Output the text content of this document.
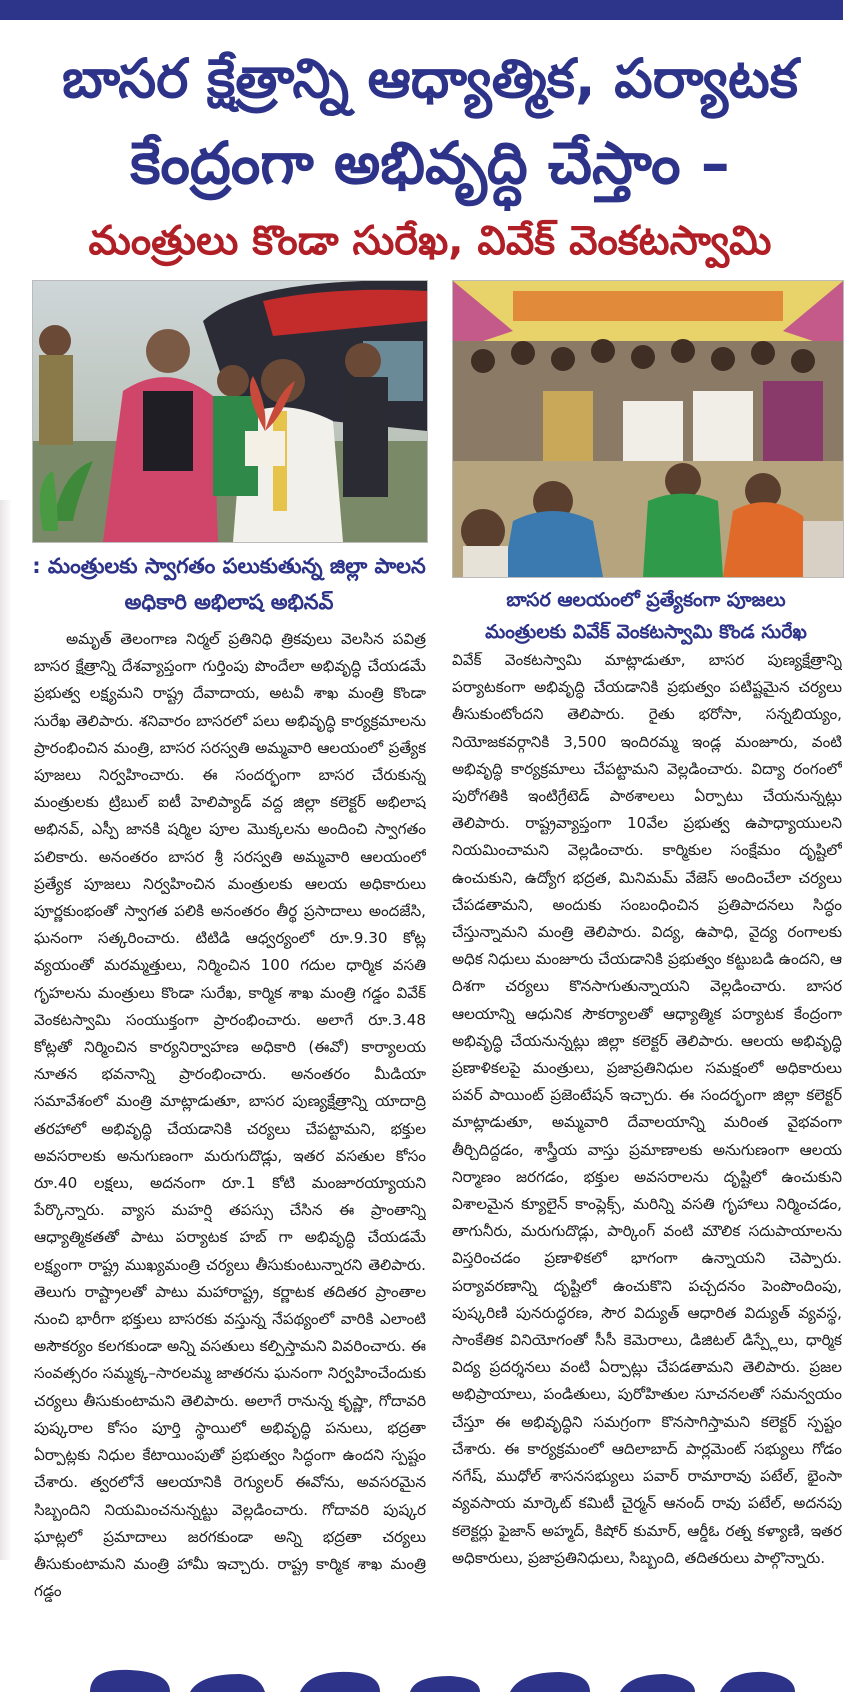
బాసర క్షేత్రాన్ని ఆధ్యాత్మిక, పర్యాటక
కేంద్రంగా అభివృద్ధి చేస్తాం –
మంత్రులు కొండా సురేఖ, వివేక్ వెంకటస్వామి

: మంత్రులకు స్వాగతం పలుకుతున్న జిల్లా పాలన అధికారి అభిలాష అభినవ్	బాసర ఆలయంలో ప్రత్యేకంగా పూజలు
మంత్రులకు వివేక్ వెంకటస్వామి కొండ సురేఖ

అమృత్ తెలంగాణ నిర్మల్ ప్రతినిధి త్రికవులు వెలసిన పవిత్ర బాసర క్షేత్రాన్ని దేశవ్యాప్తంగా గుర్తింపు పొందేలా అభివృద్ధి చేయడమే ప్రభుత్వ లక్ష్యమని రాష్ట్ర దేవాదాయ, అటవీ శాఖ మంత్రి కొండా సురేఖ తెలిపారు. శనివారం బాసరలో పలు అభివృద్ధి కార్యక్రమాలను ప్రారంభించిన మంత్రి, బాసర సరస్వతి అమ్మవారి ఆలయంలో ప్రత్యేక పూజలు నిర్వహించారు. ఈ సందర్భంగా బాసర చేరుకున్న మంత్రులకు ట్రిబుల్ ఐటీ హెలిప్యాడ్ వద్ద జిల్లా కలెక్టర్ అభిలాష అభినవ్, ఎస్పీ జానకి షర్మిల పూల మొక్కలను అందించి స్వాగతం పలికారు. అనంతరం బాసర శ్రీ సరస్వతి అమ్మవారి ఆలయంలో ప్రత్యేక పూజలు నిర్వహించిన మంత్రులకు ఆలయ అధికారులు పూర్ణకుంభంతో స్వాగత పలికి అనంతరం తీర్థ ప్రసాదాలు అందజేసి, ఘనంగా సత్కరించారు. టిటిడి ఆధ్వర్యంలో రూ.9.30 కోట్ల వ్యయంతో మరమ్మత్తులు, నిర్మించిన 100 గదుల ధార్మిక వసతి గృహలను మంత్రులు కొండా సురేఖ, కార్మిక శాఖ మంత్రి గడ్డం వివేక్ వెంకటస్వామి సంయుక్తంగా ప్రారంభించారు. అలాగే రూ.3.48 కోట్లతో నిర్మించిన కార్యనిర్వాహణ అధికారి (ఈవో) కార్యాలయ నూతన భవనాన్ని ప్రారంభించారు. అనంతరం మీడియా సమావేశంలో మంత్రి మాట్లాడుతూ, బాసర పుణ్యక్షేత్రాన్ని యాదాద్రి తరహాలో అభివృద్ధి చేయడానికి చర్యలు చేపట్టామని, భక్తుల అవసరాలకు అనుగుణంగా మరుగుదొడ్లు, ఇతర వసతుల కోసం రూ.40 లక్షలు, అదనంగా రూ.1 కోటి మంజూరయ్యాయని పేర్కొన్నారు. వ్యాస మహర్షి తపస్సు చేసిన ఈ ప్రాంతాన్ని ఆధ్యాత్మికతతో పాటు పర్యాటక హబ్ గా అభివృద్ధి చేయడమే లక్ష్యంగా రాష్ట్ర ముఖ్యమంత్రి చర్యలు తీసుకుంటున్నారని తెలిపారు. తెలుగు రాష్ట్రాలతో పాటు మహారాష్ట్ర, కర్ణాటక తదితర ప్రాంతాల నుంచి భారీగా భక్తులు బాసరకు వస్తున్న నేపథ్యంలో వారికి ఎలాంటి అసౌకర్యం కలగకుండా అన్ని వసతులు కల్పిస్తామని వివరించారు. ఈ సంవత్సరం సమ్మక్క–సారలమ్మ జాతరను ఘనంగా నిర్వహించేందుకు చర్యలు తీసుకుంటామని తెలిపారు. అలాగే రానున్న కృష్ణా, గోదావరి పుష్కరాల కోసం పూర్తి స్థాయిలో అభివృద్ధి పనులు, భద్రతా ఏర్పాట్లకు నిధుల కేటాయింపుతో ప్రభుత్వం సిద్ధంగా ఉందని స్పష్టం చేశారు. త్వరలోనే ఆలయానికి రెగ్యులర్ ఈవోను, అవసరమైన సిబ్బందిని నియమించనున్నట్టు వెల్లడించారు. గోదావరి పుష్కర ఘాట్లలో ప్రమాదాలు జరగకుండా అన్ని భద్రతా చర్యలు తీసుకుంటామని మంత్రి హామీ ఇచ్చారు. రాష్ట్ర కార్మిక శాఖ మంత్రి గడ్డం

వివేక్ వెంకటస్వామి మాట్లాడుతూ, బాసర పుణ్యక్షేత్రాన్ని పర్యాటకంగా అభివృద్ధి చేయడానికి ప్రభుత్వం పటిష్టమైన చర్యలు తీసుకుంటోందని తెలిపారు. రైతు భరోసా, సన్నబియ్యం, నియోజకవర్గానికి 3,500 ఇందిరమ్మ ఇండ్ల మంజూరు, వంటి అభివృద్ధి కార్యక్రమాలు చేపట్టామని వెల్లడించారు. విద్యా రంగంలో పురోగతికి ఇంటిగ్రేటెడ్ పాఠశాలలు ఏర్పాటు చేయనున్నట్లు తెలిపారు. రాష్ట్రవ్యాప్తంగా 10వేల ప్రభుత్వ ఉపాధ్యాయులని నియమించామని వెల్లడించారు. కార్మికుల సంక్షేమం దృష్టిలో ఉంచుకుని, ఉద్యోగ భద్రత, మినిమమ్ వేజెస్ అందించేలా చర్యలు చేపడతామని, అందుకు సంబంధించిన ప్రతిపాదనలు సిద్ధం చేస్తున్నామని మంత్రి తెలిపారు. విద్య, ఉపాధి, వైద్య రంగాలకు అధిక నిధులు మంజూరు చేయడానికి ప్రభుత్వం కట్టుబడి ఉందని, ఆ దిశగా చర్యలు కొనసాగుతున్నాయని వెల్లడించారు. బాసర ఆలయాన్ని ఆధునిక సౌకర్యాలతో ఆధ్యాత్మిక పర్యాటక కేంద్రంగా అభివృద్ధి చేయనున్నట్లు జిల్లా కలెక్టర్ తెలిపారు. ఆలయ అభివృద్ధి ప్రణాళికలపై మంత్రులు, ప్రజాప్రతినిధుల సమక్షంలో అధికారులు పవర్ పాయింట్ ప్రజెంటేషన్ ఇచ్చారు. ఈ సందర్భంగా జిల్లా కలెక్టర్ మాట్లాడుతూ, అమ్మవారి దేవాలయాన్ని మరింత వైభవంగా తీర్చిదిద్దడం, శాస్త్రీయ వాస్తు ప్రమాణాలకు అనుగుణంగా ఆలయ నిర్మాణం జరగడం, భక్తుల అవసరాలను దృష్టిలో ఉంచుకుని విశాలమైన క్యూలైన్ కాంప్లెక్స్, మరిన్ని వసతి గృహాలు నిర్మించడం, తాగునీరు, మరుగుదొడ్లు, పార్కింగ్ వంటి మౌలిక సదుపాయాలను విస్తరించడం ప్రణాళికలో భాగంగా ఉన్నాయని చెప్పారు. పర్యావరణాన్ని దృష్టిలో ఉంచుకొని పచ్చదనం పెంపొందింపు, పుష్కరిణి పునరుద్ధరణ, సౌర విద్యుత్ ఆధారిత విద్యుత్ వ్యవస్థ, సాంకేతిక వినియోగంతో సీసీ కెమెరాలు, డిజిటల్ డిస్ప్లేలు, ధార్మిక విద్య ప్రదర్శనలు వంటి ఏర్పాట్లు చేపడతామని తెలిపారు. ప్రజల అభిప్రాయాలు, పండితులు, పురోహితుల సూచనలతో సమన్వయం చేస్తూ ఈ అభివృద్ధిని సమగ్రంగా కొనసాగిస్తామని కలెక్టర్ స్పష్టం చేశారు. ఈ కార్యక్రమంలో ఆదిలాబాద్ పార్లమెంట్ సభ్యులు గోడం నగేష్, ముధోల్ శాసనసభ్యులు పవార్ రామారావు పటేల్, భైంసా వ్యవసాయ మార్కెట్ కమిటీ చైర్మన్ ఆనంద్ రావు పటేల్, అదనపు కలెక్టర్లు ఫైజాన్ అహ్మద్, కిషోర్ కుమార్, ఆర్డీఓ రత్న కళ్యాణి, ఇతర అధికారులు, ప్రజాప్రతినిధులు, సిబ్బంది, తదితరులు పాల్గొన్నారు.
